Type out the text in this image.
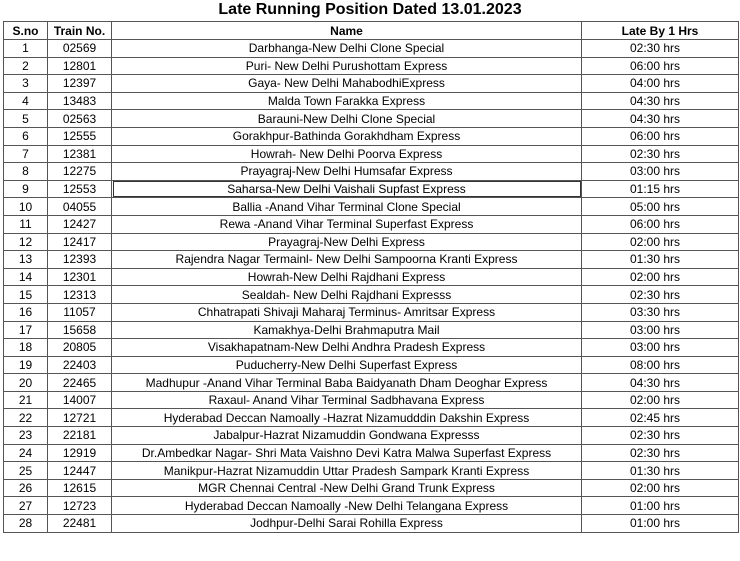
Late Running Position Dated 13.01.2023
S.no	Train No.	Name	Late By 1 Hrs
1	02569	Darbhanga-New Delhi Clone Special	02:30 hrs
2	12801	Puri- New Delhi Purushottam Express	06:00 hrs
3	12397	Gaya- New Delhi MahabodhiExpress	04:00 hrs
4	13483	Malda Town Farakka Express	04:30 hrs
5	02563	Barauni-New Delhi Clone Special	04:30 hrs
6	12555	Gorakhpur-Bathinda Gorakhdham Express	06:00 hrs
7	12381	Howrah- New Delhi Poorva Express	02:30 hrs
8	12275	Prayagraj-New Delhi Humsafar Express	03:00 hrs
9	12553	Saharsa-New Delhi Vaishali Supfast Express	01:15 hrs
10	04055	Ballia -Anand Vihar Terminal Clone Special	05:00 hrs
11	12427	Rewa -Anand Vihar Terminal Superfast Express	06:00 hrs
12	12417	Prayagraj-New Delhi Express	02:00 hrs
13	12393	Rajendra Nagar Termainl- New Delhi Sampoorna Kranti Express	01:30 hrs
14	12301	Howrah-New Delhi Rajdhani Express	02:00 hrs
15	12313	Sealdah- New Delhi Rajdhani Expresss	02:30 hrs
16	11057	Chhatrapati Shivaji Maharaj Terminus- Amritsar Express	03:30 hrs
17	15658	Kamakhya-Delhi Brahmaputra Mail	03:00 hrs
18	20805	Visakhapatnam-New Delhi Andhra Pradesh Express	03:00 hrs
19	22403	Puducherry-New Delhi Superfast Express	08:00 hrs
20	22465	Madhupur -Anand Vihar Terminal Baba Baidyanath Dham Deoghar Express	04:30 hrs
21	14007	Raxaul- Anand Vihar Terminal Sadbhavana Express	02:00 hrs
22	12721	Hyderabad Deccan Namoally -Hazrat Nizamudddin Dakshin Express	02:45 hrs
23	22181	Jabalpur-Hazrat Nizamuddin Gondwana Expresss	02:30 hrs
24	12919	Dr.Ambedkar Nagar- Shri Mata Vaishno Devi Katra Malwa Superfast Express	02:30 hrs
25	12447	Manikpur-Hazrat Nizamuddin Uttar Pradesh Sampark Kranti Express	01:30 hrs
26	12615	MGR Chennai Central -New Delhi Grand Trunk Express	02:00 hrs
27	12723	Hyderabad Deccan Namoally -New Delhi Telangana Express	01:00 hrs
28	22481	Jodhpur-Delhi Sarai Rohilla Express	01:00 hrs
